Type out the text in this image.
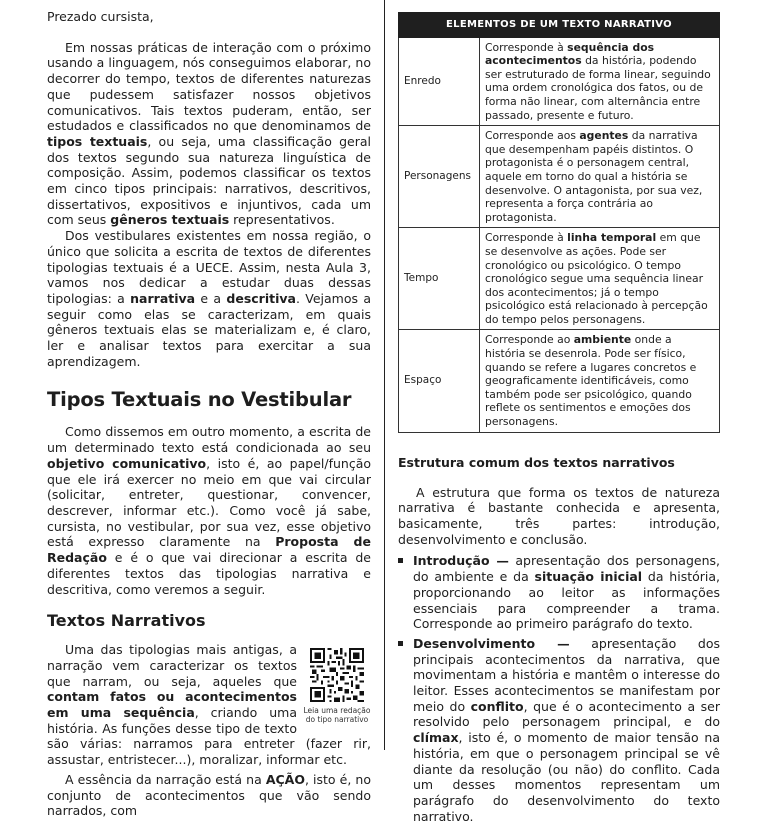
Prezado cursista,

Em nossas práticas de interação com o próximo usando a linguagem, nós conseguimos elaborar, no decorrer do tempo, textos de diferentes naturezas que pudessem satisfazer nossos objetivos comunicativos. Tais textos puderam, então, ser estudados e classificados no que denominamos de tipos textuais, ou seja, uma classificação geral dos textos segundo sua natureza linguística de composição. Assim, podemos classificar os textos em cinco tipos principais: narrativos, descritivos, dissertativos, expositivos e injuntivos, cada um com seus gêneros textuais representativos.

Dos vestibulares existentes em nossa região, o único que solicita a escrita de textos de diferentes tipologias textuais é a UECE. Assim, nesta Aula 3, vamos nos dedicar a estudar duas dessas tipologias: a narrativa e a descritiva. Vejamos a seguir como elas se caracterizam, em quais gêneros textuais elas se materializam e, é claro, ler e analisar textos para exercitar a sua aprendizagem.

Tipos Textuais no Vestibular

Como dissemos em outro momento, a escrita de um determinado texto está condicionada ao seu objetivo comunicativo, isto é, ao papel/função que ele irá exercer no meio em que vai circular (solicitar, entreter, questionar, convencer, descrever, informar etc.). Como você já sabe, cursista, no vestibular, por sua vez, esse objetivo está expresso claramente na Proposta de Redação e é o que vai direcionar a escrita de diferentes textos das tipologias narrativa e descritiva, como veremos a seguir.

Textos Narrativos
Leia uma redação do tipo narrativo

Uma das tipologias mais antigas, a narração vem caracterizar os textos que narram, ou seja, aqueles que contam fatos ou acontecimentos em uma sequência, criando uma história. As funções desse tipo de texto são várias: narramos para entreter (fazer rir, assustar, entristecer...), moralizar, informar etc.

A essência da narração está na AÇÃO, isto é, no conjunto de acontecimentos que vão sendo narrados, com

ELEMENTOS DE UM TEXTO NARRATIVO	
Enredo	Corresponde à sequência dos acontecimentos da história, podendo ser estruturado de forma linear, seguindo uma ordem cronológica dos fatos, ou de forma não linear, com alternância entre passado, presente e futuro.
Personagens	Corresponde aos agentes da narrativa que desempenham papéis distintos. O protagonista é o personagem central, aquele em torno do qual a história se desenvolve. O antagonista, por sua vez, representa a força contrária ao protagonista.
Tempo	Corresponde à linha temporal em que se desenvolve as ações. Pode ser cronológico ou psicológico. O tempo cronológico segue uma sequência linear dos acontecimentos; já o tempo psicológico está relacionado à percepção do tempo pelos personagens.
Espaço	Corresponde ao ambiente onde a história se desenrola. Pode ser físico, quando se refere a lugares concretos e geograficamente identificáveis, como também pode ser psicológico, quando reflete os sentimentos e emoções dos personagens.
Estrutura comum dos textos narrativos

A estrutura que forma os textos de natureza narrativa é bastante conhecida e apresenta, basicamente, três partes: introdução, desenvolvimento e conclusão.

Introdução — apresentação dos personagens, do ambiente e da situação inicial da história, proporcionando ao leitor as informações essenciais para compreender a trama. Corresponde ao primeiro parágrafo do texto.
Desenvolvimento — apresentação dos principais acontecimentos da narrativa, que movimentam a história e mantêm o interesse do leitor. Esses acontecimentos se manifestam por meio do conflito, que é o acontecimento a ser resolvido pelo personagem principal, e do clímax, isto é, o momento de maior tensão na história, em que o personagem principal se vê diante da resolução (ou não) do conflito. Cada um desses momentos representam um parágrafo do desenvolvimento do texto narrativo.
